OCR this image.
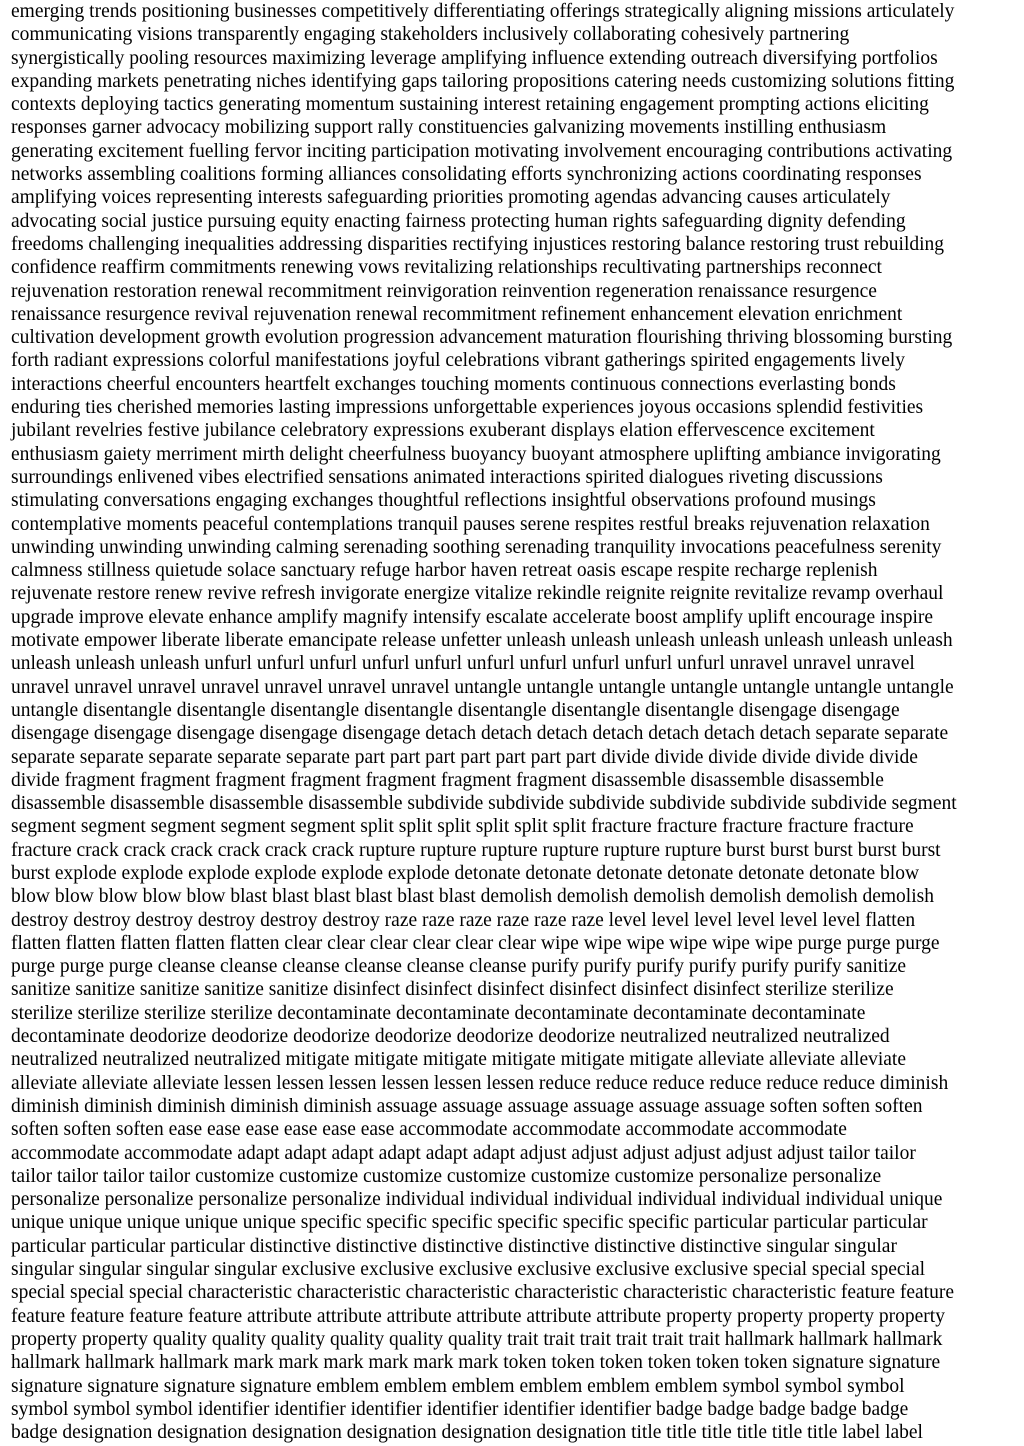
emerging trends positioning businesses competitively differentiating offerings strategically aligning missions articulately
communicating visions transparently engaging stakeholders inclusively collaborating cohesively partnering
synergistically pooling resources maximizing leverage amplifying influence extending outreach diversifying portfolios
expanding markets penetrating niches identifying gaps tailoring propositions catering needs customizing solutions fitting
contexts deploying tactics generating momentum sustaining interest retaining engagement prompting actions eliciting
responses garner advocacy mobilizing support rally constituencies galvanizing movements instilling enthusiasm
generating excitement fuelling fervor inciting participation motivating involvement encouraging contributions activating
networks assembling coalitions forming alliances consolidating efforts synchronizing actions coordinating responses
amplifying voices representing interests safeguarding priorities promoting agendas advancing causes articulately
advocating social justice pursuing equity enacting fairness protecting human rights safeguarding dignity defending
freedoms challenging inequalities addressing disparities rectifying injustices restoring balance restoring trust rebuilding
confidence reaffirm commitments renewing vows revitalizing relationships recultivating partnerships reconnect
rejuvenation restoration renewal recommitment reinvigoration reinvention regeneration renaissance resurgence
renaissance resurgence revival rejuvenation renewal recommitment refinement enhancement elevation enrichment
cultivation development growth evolution progression advancement maturation flourishing thriving blossoming bursting
forth radiant expressions colorful manifestations joyful celebrations vibrant gatherings spirited engagements lively
interactions cheerful encounters heartfelt exchanges touching moments continuous connections everlasting bonds
enduring ties cherished memories lasting impressions unforgettable experiences joyous occasions splendid festivities
jubilant revelries festive jubilance celebratory expressions exuberant displays elation effervescence excitement
enthusiasm gaiety merriment mirth delight cheerfulness buoyancy buoyant atmosphere uplifting ambiance invigorating
surroundings enlivened vibes electrified sensations animated interactions spirited dialogues riveting discussions
stimulating conversations engaging exchanges thoughtful reflections insightful observations profound musings
contemplative moments peaceful contemplations tranquil pauses serene respites restful breaks rejuvenation relaxation
unwinding unwinding unwinding calming serenading soothing serenading tranquility invocations peacefulness serenity
calmness stillness quietude solace sanctuary refuge harbor haven retreat oasis escape respite recharge replenish
rejuvenate restore renew revive refresh invigorate energize vitalize rekindle reignite reignite revitalize revamp overhaul
upgrade improve elevate enhance amplify magnify intensify escalate accelerate boost amplify uplift encourage inspire
motivate empower liberate liberate emancipate release unfetter unleash unleash unleash unleash unleash unleash unleash
unleash unleash unleash unfurl unfurl unfurl unfurl unfurl unfurl unfurl unfurl unfurl unfurl unravel unravel unravel
unravel unravel unravel unravel unravel unravel unravel untangle untangle untangle untangle untangle untangle untangle
untangle disentangle disentangle disentangle disentangle disentangle disentangle disentangle disengage disengage
disengage disengage disengage disengage disengage detach detach detach detach detach detach detach separate separate
separate separate separate separate separate part part part part part part part divide divide divide divide divide divide
divide fragment fragment fragment fragment fragment fragment fragment disassemble disassemble disassemble
disassemble disassemble disassemble disassemble subdivide subdivide subdivide subdivide subdivide subdivide segment
segment segment segment segment segment split split split split split split fracture fracture fracture fracture fracture
fracture crack crack crack crack crack crack rupture rupture rupture rupture rupture rupture burst burst burst burst burst
burst explode explode explode explode explode explode detonate detonate detonate detonate detonate detonate blow
blow blow blow blow blow blast blast blast blast blast blast demolish demolish demolish demolish demolish demolish
destroy destroy destroy destroy destroy destroy raze raze raze raze raze raze level level level level level level flatten
flatten flatten flatten flatten flatten clear clear clear clear clear clear wipe wipe wipe wipe wipe wipe purge purge purge
purge purge purge cleanse cleanse cleanse cleanse cleanse cleanse purify purify purify purify purify purify sanitize
sanitize sanitize sanitize sanitize sanitize disinfect disinfect disinfect disinfect disinfect disinfect sterilize sterilize
sterilize sterilize sterilize sterilize decontaminate decontaminate decontaminate decontaminate decontaminate
decontaminate deodorize deodorize deodorize deodorize deodorize deodorize neutralized neutralized neutralized
neutralized neutralized neutralized mitigate mitigate mitigate mitigate mitigate mitigate alleviate alleviate alleviate
alleviate alleviate alleviate lessen lessen lessen lessen lessen lessen reduce reduce reduce reduce reduce reduce diminish
diminish diminish diminish diminish diminish assuage assuage assuage assuage assuage assuage soften soften soften
soften soften soften ease ease ease ease ease ease accommodate accommodate accommodate accommodate
accommodate accommodate adapt adapt adapt adapt adapt adapt adjust adjust adjust adjust adjust adjust tailor tailor
tailor tailor tailor tailor customize customize customize customize customize customize personalize personalize
personalize personalize personalize personalize individual individual individual individual individual individual unique
unique unique unique unique unique specific specific specific specific specific specific particular particular particular
particular particular particular distinctive distinctive distinctive distinctive distinctive distinctive singular singular
singular singular singular singular exclusive exclusive exclusive exclusive exclusive exclusive special special special
special special special characteristic characteristic characteristic characteristic characteristic characteristic feature feature
feature feature feature feature attribute attribute attribute attribute attribute attribute property property property property
property property quality quality quality quality quality quality trait trait trait trait trait trait hallmark hallmark hallmark
hallmark hallmark hallmark mark mark mark mark mark mark token token token token token token signature signature
signature signature signature signature emblem emblem emblem emblem emblem emblem symbol symbol symbol
symbol symbol symbol identifier identifier identifier identifier identifier identifier badge badge badge badge badge
badge designation designation designation designation designation designation title title title title title title label label
